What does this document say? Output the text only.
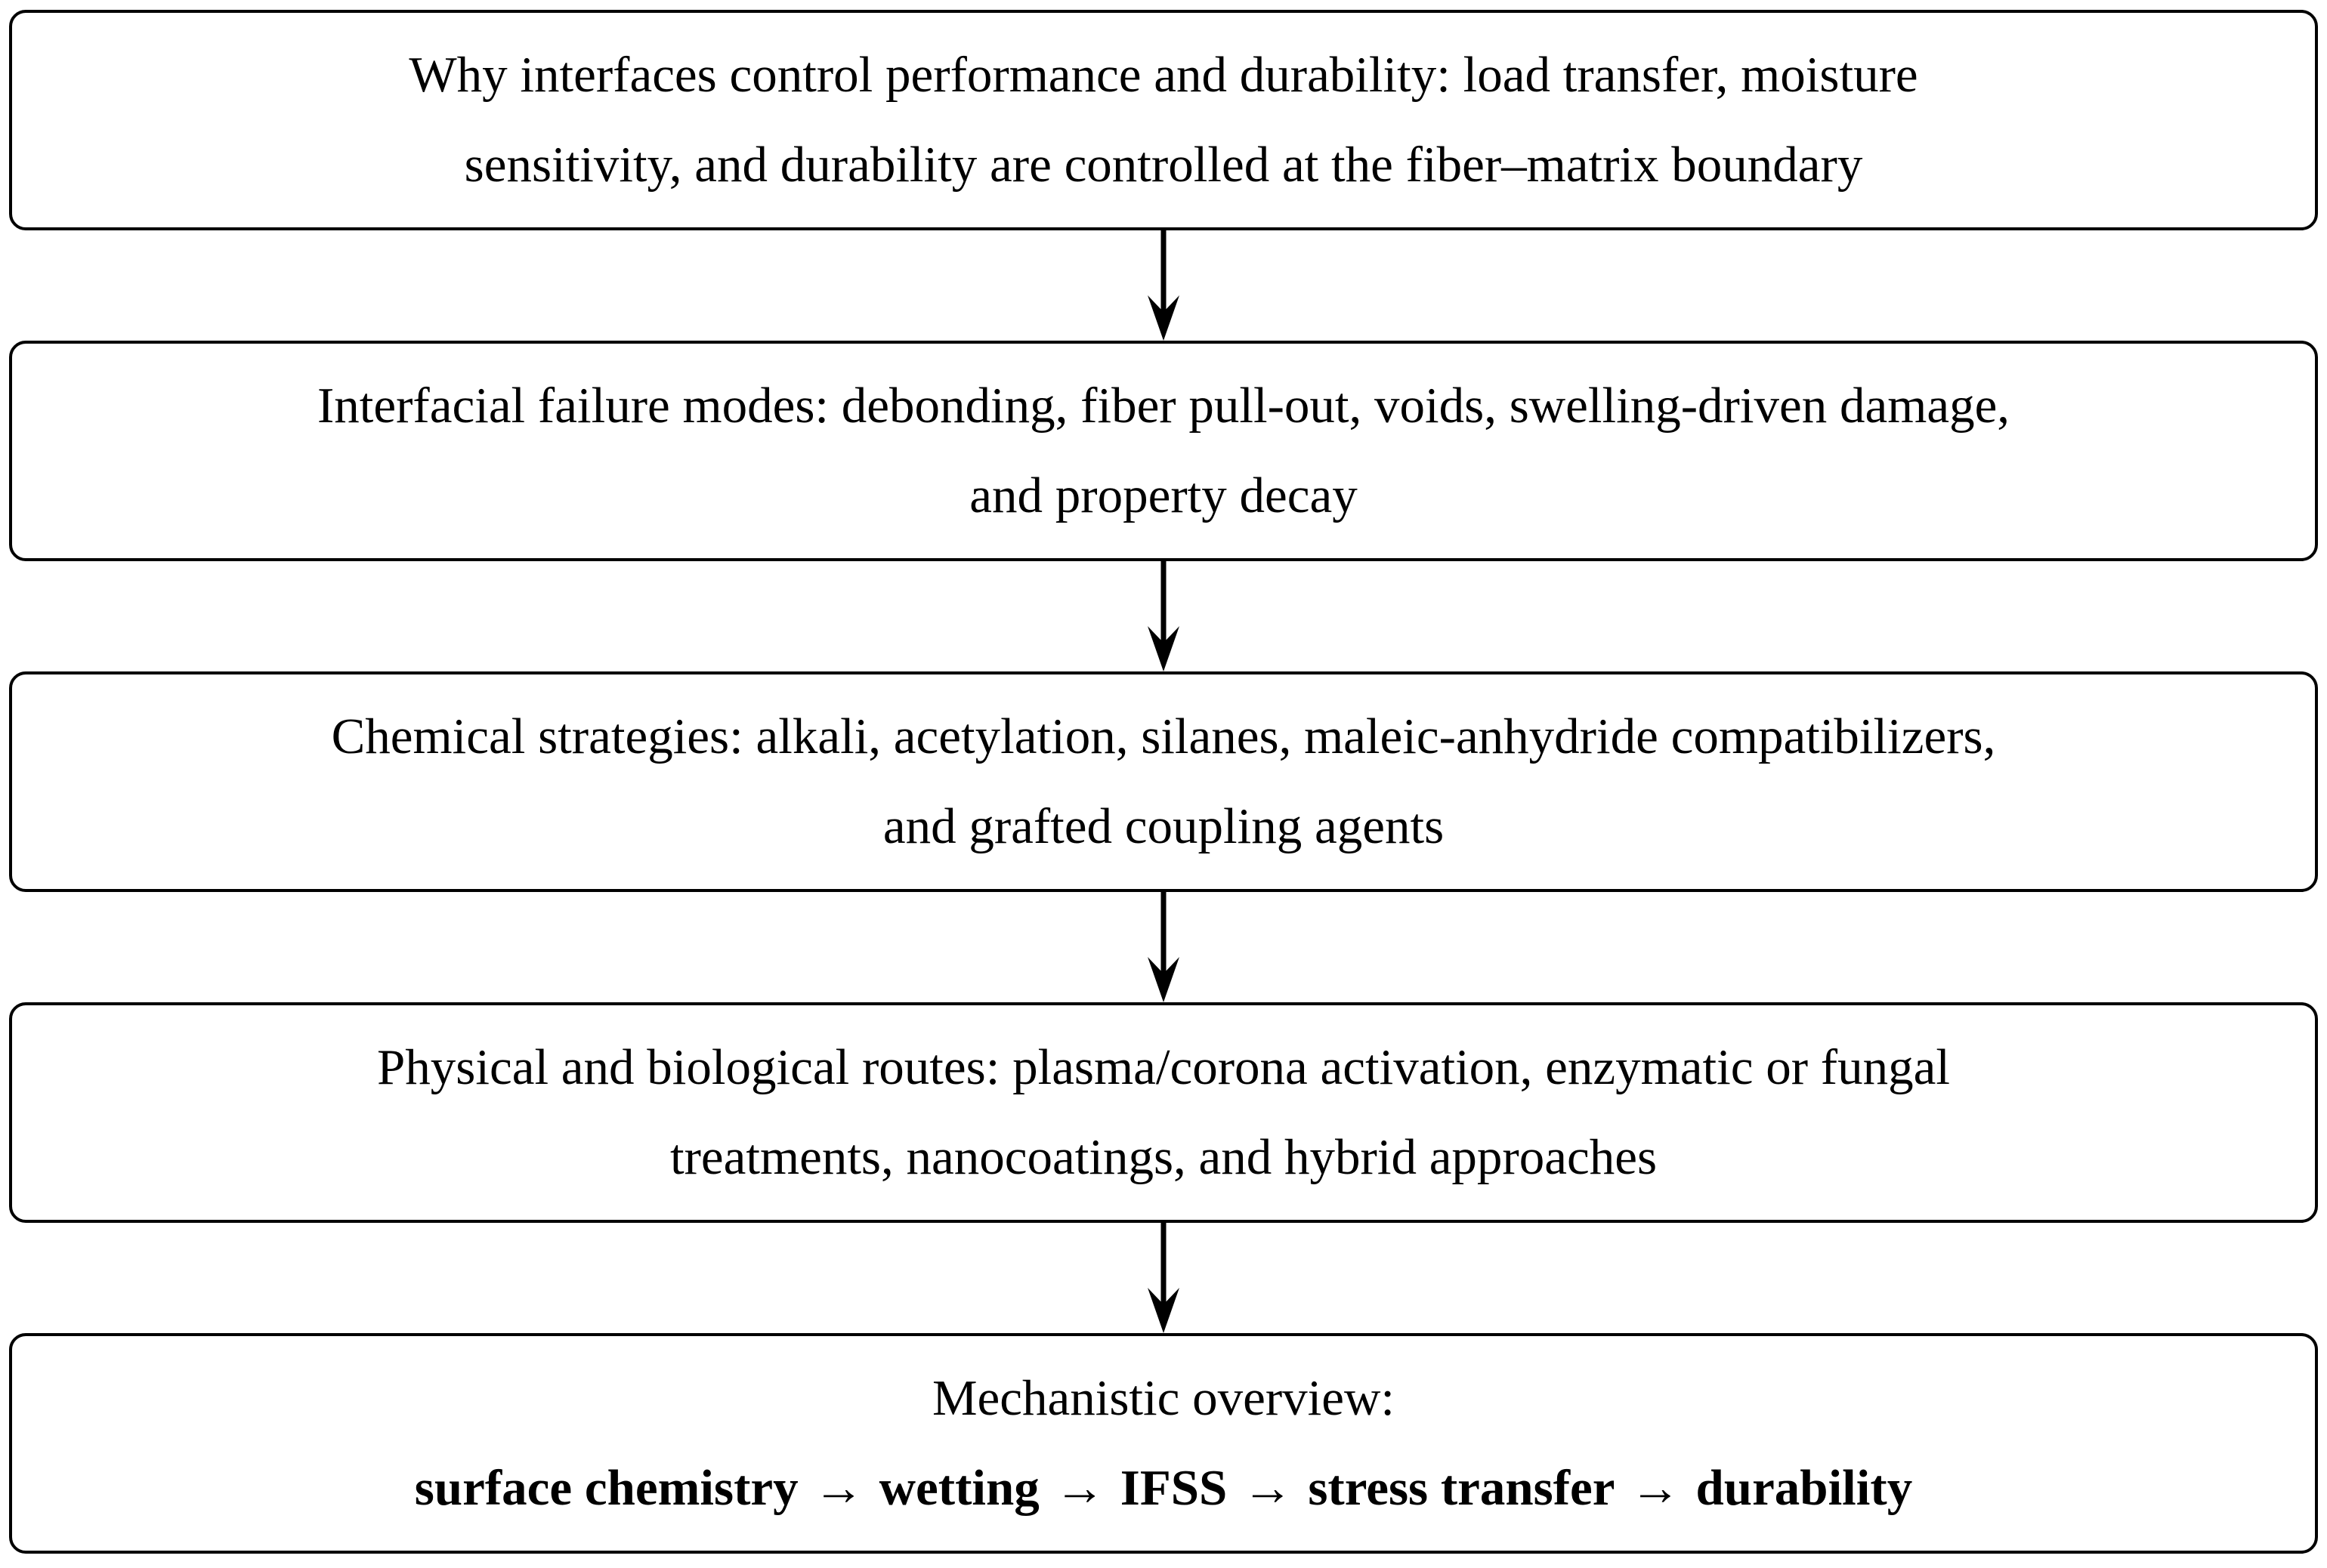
Why interfaces control performance and durability: load transfer, moisture
sensitivity, and durability are controlled at the fiber–matrix boundary
Interfacial failure modes: debonding, fiber pull-out, voids, swelling-driven damage,
and property decay
Chemical strategies: alkali, acetylation, silanes, maleic-anhydride compatibilizers,
and grafted coupling agents
Physical and biological routes: plasma/corona activation, enzymatic or fungal
treatments, nanocoatings, and hybrid approaches
Mechanistic overview:
surface chemistry → wetting → IFSS → stress transfer → durability
